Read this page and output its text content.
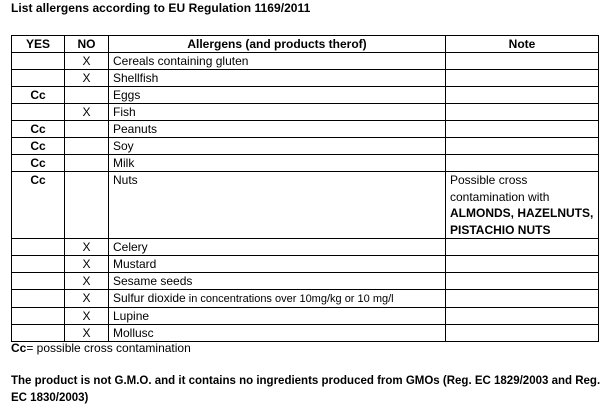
List allergens according to EU Regulation 1169/2011
YES	NO	Allergens (and products therof)	Note
	X	Cereals containing gluten	
	X	Shellfish	
Cc		Eggs	
	X	Fish	
Cc		Peanuts	
Cc		Soy	
Cc		Milk	
Cc		Nuts	Possible cross contamination with ALMONDS, HAZELNUTS, PISTACHIO NUTS

	X	Celery	
	X	Mustard	
	X	Sesame seeds	
	X	Sulfur dioxide in concentrations over 10mg/kg or 10 mg/l	
	X	Lupine	
	X	Mollusc	
Cc= possible cross contamination
The product is not G.M.O. and it contains no ingredients produced from GMOs (Reg. EC 1829/2003 and Reg. EC 1830/2003)
